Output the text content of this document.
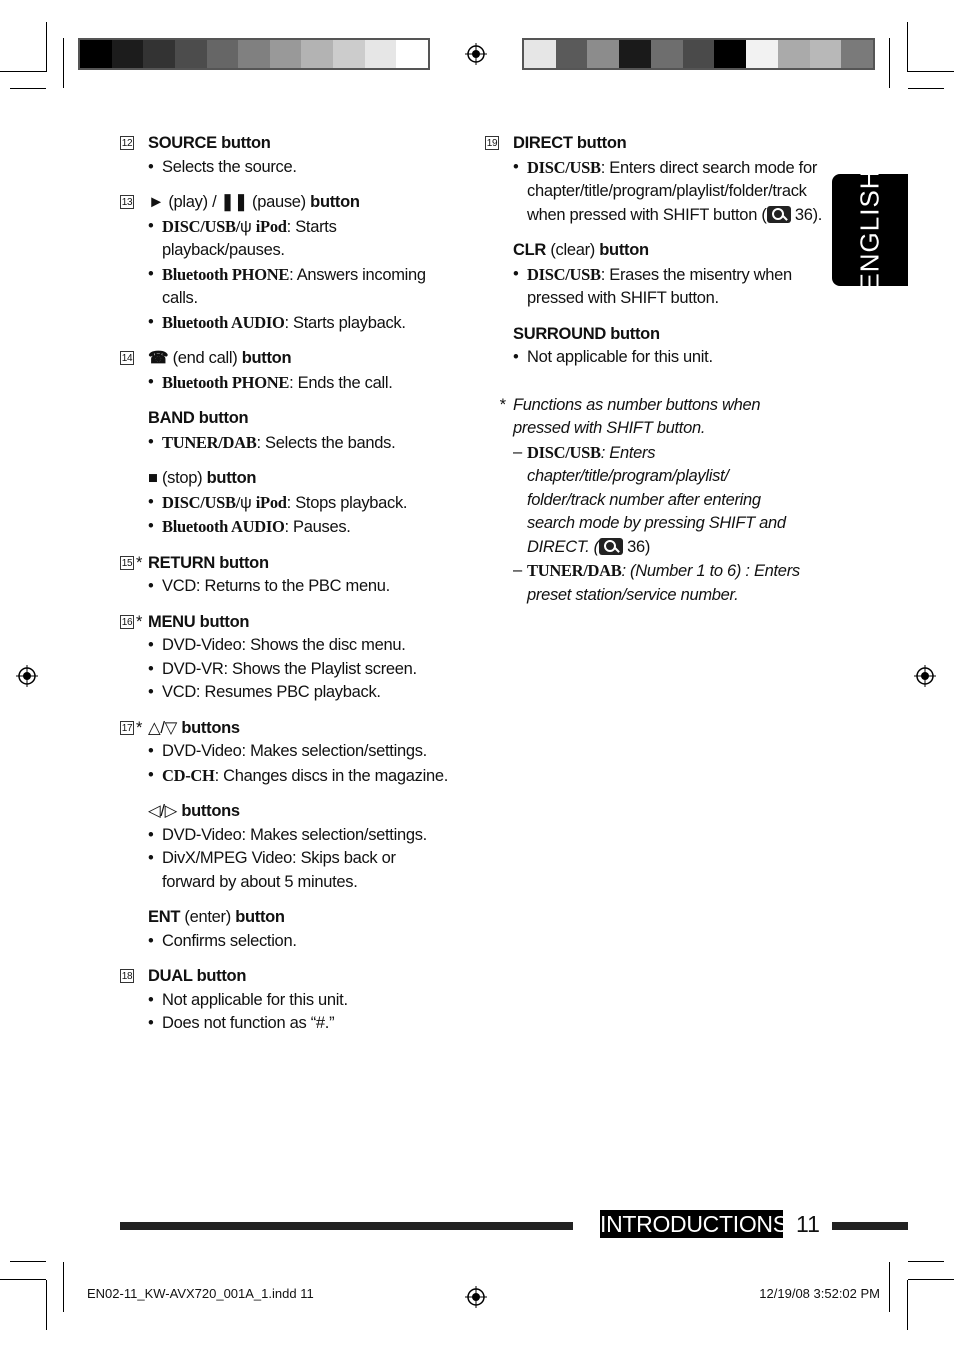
12 SOURCE button
• Selects the source.
13 ► (play) / ❚❚ (pause) button
• DISC/USB/ψ iPod: Starts playback/pauses.
• Bluetooth PHONE: Answers incoming calls.
• Bluetooth AUDIO: Starts playback.
14 ☎ (end call) button
• Bluetooth PHONE: Ends the call.
BAND button
• TUNER/DAB: Selects the bands.
■ (stop) button
• DISC/USB/ψ iPod: Stops playback.
• Bluetooth AUDIO: Pauses.
15 * RETURN button
• VCD: Returns to the PBC menu.
16 * MENU button
• DVD-Video: Shows the disc menu.
• DVD-VR: Shows the Playlist screen.
• VCD: Resumes PBC playback.
17 * △/▽ buttons
• DVD-Video: Makes selection/settings.
• CD-CH: Changes discs in the magazine.
◁/▷ buttons
• DVD-Video: Makes selection/settings.
• DivX/MPEG Video: Skips back or forward by about 5 minutes.
ENT (enter) button
• Confirms selection.
18 DUAL button
• Not applicable for this unit.
• Does not function as “#.”
19 DIRECT button
• DISC/USB: Enters direct search mode for chapter/title/program/playlist/folder/track when pressed with SHIFT button ( 36).
CLR (clear) button
• DISC/USB: Erases the misentry when pressed with SHIFT button.
SURROUND button
• Not applicable for this unit.
* Functions as number buttons when pressed with SHIFT button.
– DISC/USB: Enters chapter/title/program/playlist/ folder/track number after entering search mode by pressing SHIFT and DIRECT. ( 36)
– TUNER/DAB: (Number 1 to 6) : Enters preset station/service number.
ENGLISH
INTRODUCTIONS 11
EN02-11_KW-AVX720_001A_1.indd 11	12/19/08 3:52:02 PM
